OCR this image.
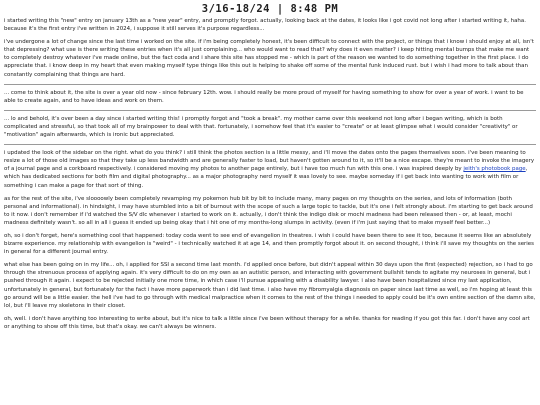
3/16-18/24 | 8:48 PM

i started writing this "new" entry on january 13th as a "new year" entry, and promptly forgot. actually, looking back at the dates, it looks like i got covid not long after i started writing it, haha. because it's the first entry i've written in 2024, i suppose it still serves it's purpose regardless...

i've undergone a lot of change since the last time i worked on the site. if i'm being completely honest, it's been difficult to connect with the project, or things that i know i should enjoy at all, isn't that depressing? what use is there writing these entries when it's all just complaining... who would want to read that? why does it even matter? i keep hitting mental bumps that make me want to completely destroy whatever i've made online, but the fact coda and i share this site has stopped me - which is part of the reason we wanted to do something together in the first place. i do appreciate that. i know deep in my heart that even making myself type things like this out is helping to shake off some of the mental funk induced rust. but i wish i had more to talk about than constantly complaining that things are hard.

... come to think about it, the site is over a year old now - since february 12th. wow. i should really be more proud of myself for having something to show for over a year of work. i want to be able to create again, and to have ideas and work on them.

... lo and behold, it's over been a day since i started writing this! i promptly forgot and "took a break". my mother came over this weekend not long after i began writing, which is both complicated and stressful, so that took all of my brainpower to deal with that. fortunately, i somehow feel that it's easier to "create" or at least glimpse what i would consider "creativity" or "motivation" again afterwards, which is ironic but appreciated.

i updated the look of the sidebar on the right. what do you think? i still think the photos section is a little messy, and i'll move the dates onto the pages themselves soon. i've been meaning to resize a lot of those old images so that they take up less bandwidth and are generally faster to load, but haven't gotten around to it, so it'll be a nice escape. they're meant to invoke the imagery of a journal page and a corkboard respectively. i considered moving my photos to another page entirely, but i have too much fun with this one. i was inspired deeply by jeith's photobook page, which has dedicated sections for both film and digital photography... as a major photography nerd myself it was lovely to see. maybe someday if i get back into wanting to work with film or something i can make a page for that sort of thing.

as for the rest of the site, i've sloooowly been completely revamping my pokemon hub bit by bit to include many, many pages on my thoughts on the series, and lots of information (both personal and informational). in hindsight, i may have stumbled into a bit of burnout with the scope of such a large topic to tackle, but it's one i felt strongly about. i'm starting to get back around to it now. i don't remember if i'd watched the S/V dlc whenever i started to work on it. actually, i don't think the indigo disk or mochi madness had been released then - or, at least, mochi madness definitely wasn't. so all in all i guess it ended up being okay that i hit one of my months-long slumps in activity. (even if i'm just saying that to make myself feel better...)

oh, so i don't forget, here's something cool that happened: today coda went to see end of evangelion in theatres. i wish i could have been there to see it too, because it seems like an absolutely bizarre experience. my relationship with evangelion is "weird" - i technically watched it at age 14, and then promptly forgot about it. on second thought, i think i'll save my thoughts on the series in general for a different journal entry.

what else has been going on in my life... oh, i applied for SSI a second time last month. i'd applied once before, but didn't appeal within 30 days upon the first (expected) rejection, so i had to go through the strenuous process of applying again. it's very difficult to do on my own as an autistic person, and interacting with government bullshit tends to agitate my neuroses in general, but i pushed through it again. i expect to be rejected initially one more time, in which case i'll pursue appealing with a disability lawyer. i also have been hospitalized since my last application, unfortunately in general, but fortunately for the fact i have more paperwork than i did last time. i also have my fibromyalgia diagnosis on paper since last time as well, so i'm hoping at least this go around will be a little easier. the hell i've had to go through with medical malpractice when it comes to the rest of the things i needed to apply could be it's own entire section of the damn site, lol, but i'll leave my skeletons in their closet.

oh, well. i don't have anything too interesting to write about, but it's nice to talk a little since i've been without therapy for a while. thanks for reading if you got this far. i don't have any cool art or anything to show off this time, but that's okay. we can't always be winners.
